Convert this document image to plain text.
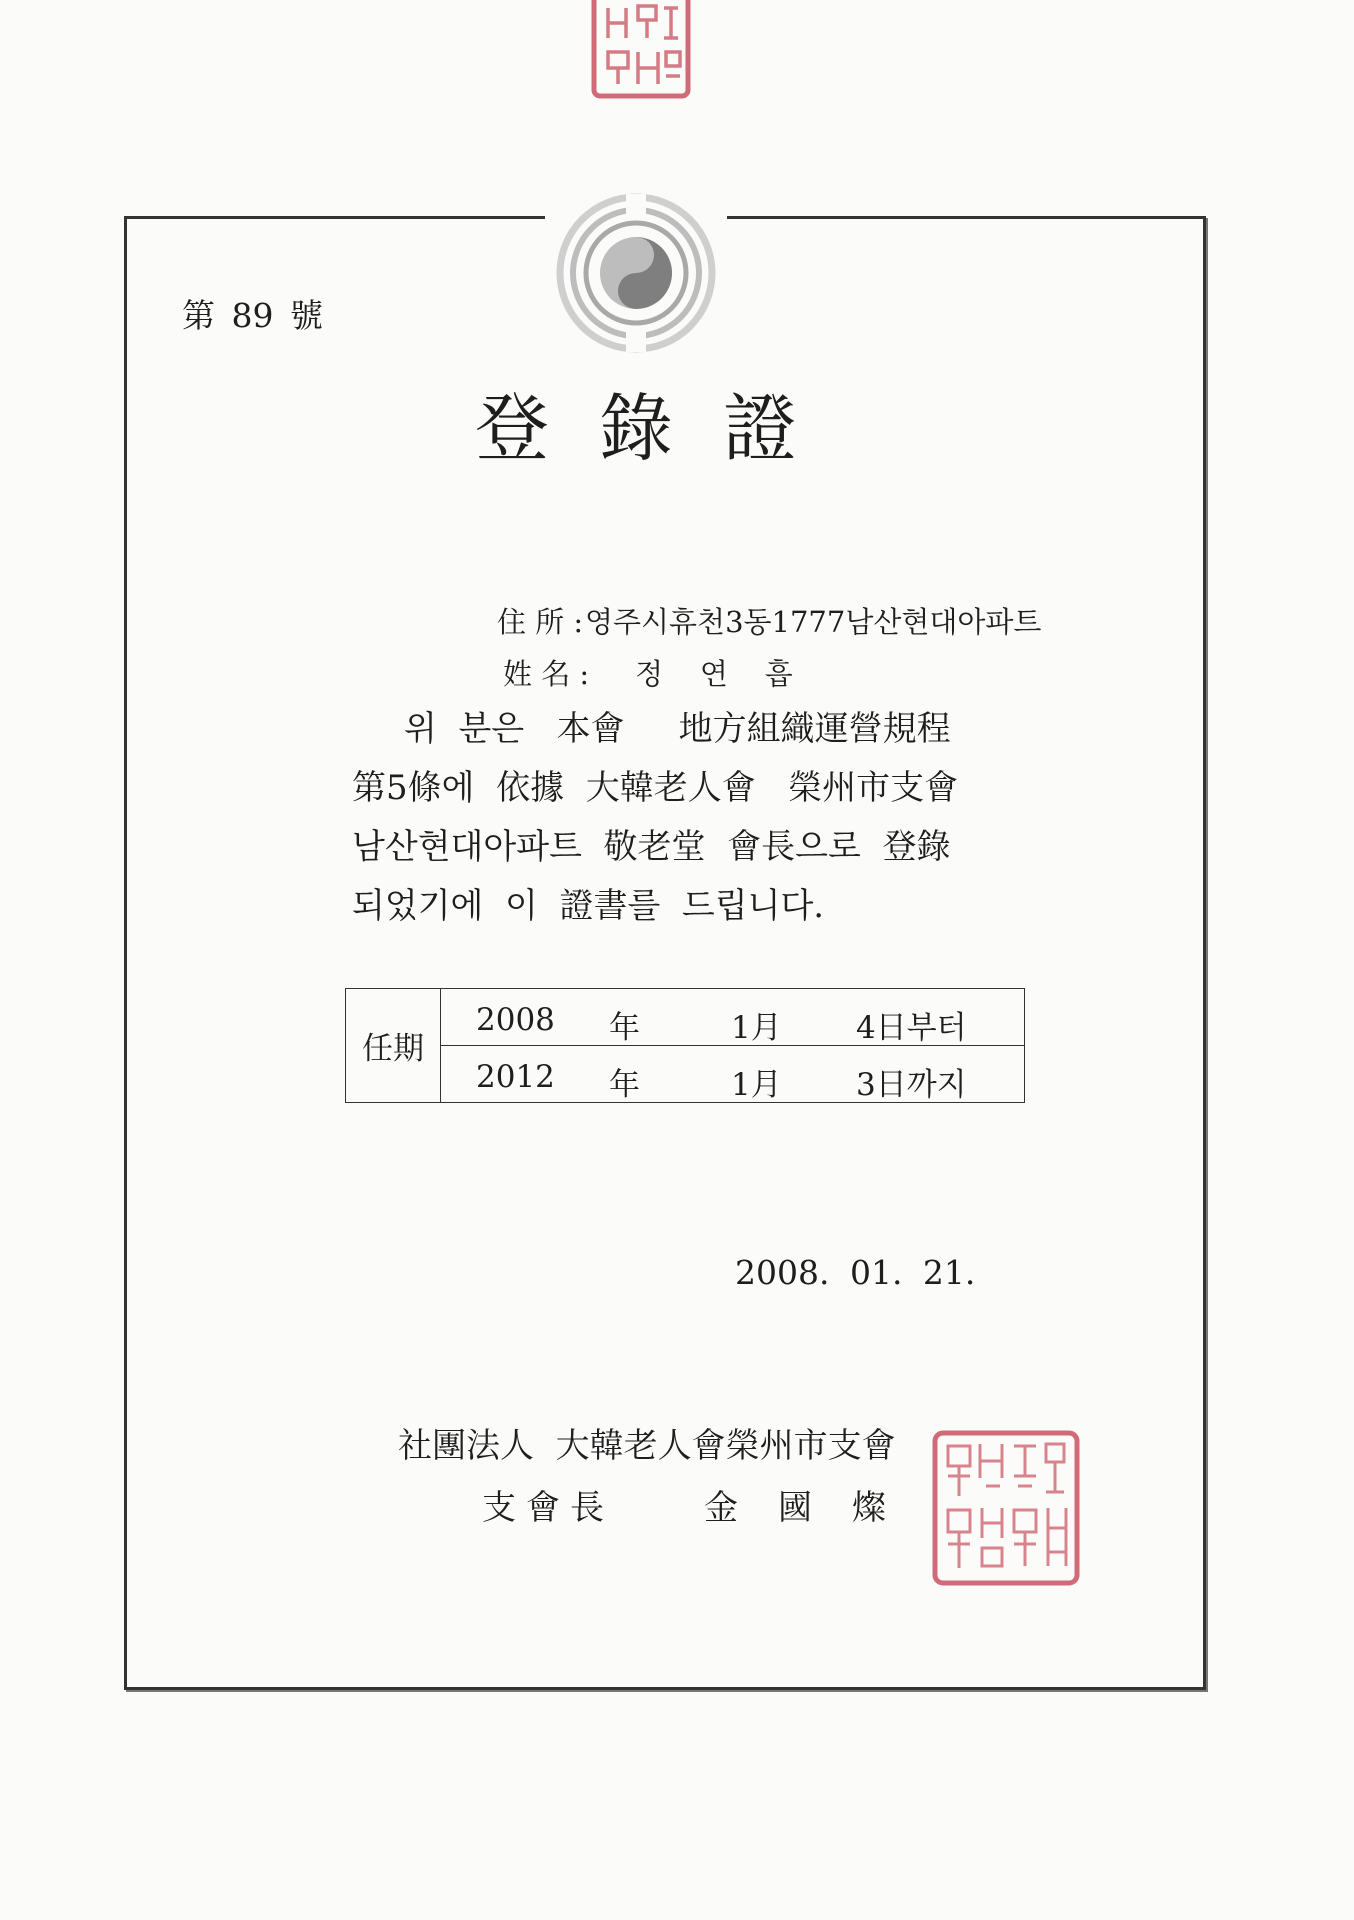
第 89 號
登錄證
住 所 : 영주시휴천3동1777남산현대아파트
姓 名 : 정    연    흡
위  분은   本會     地方組織運營規程
第5條에  依據  大韓老人會   榮州市支會
남산현대아파트  敬老堂  會長으로  登錄
되었기에  이  證書를  드립니다.
任期	
2008 年	1月 4日부터

2012 年	1月 3日까지
2008. 01. 21.
社團法人  大韓老人會榮州市支會
支會長	金國燦
